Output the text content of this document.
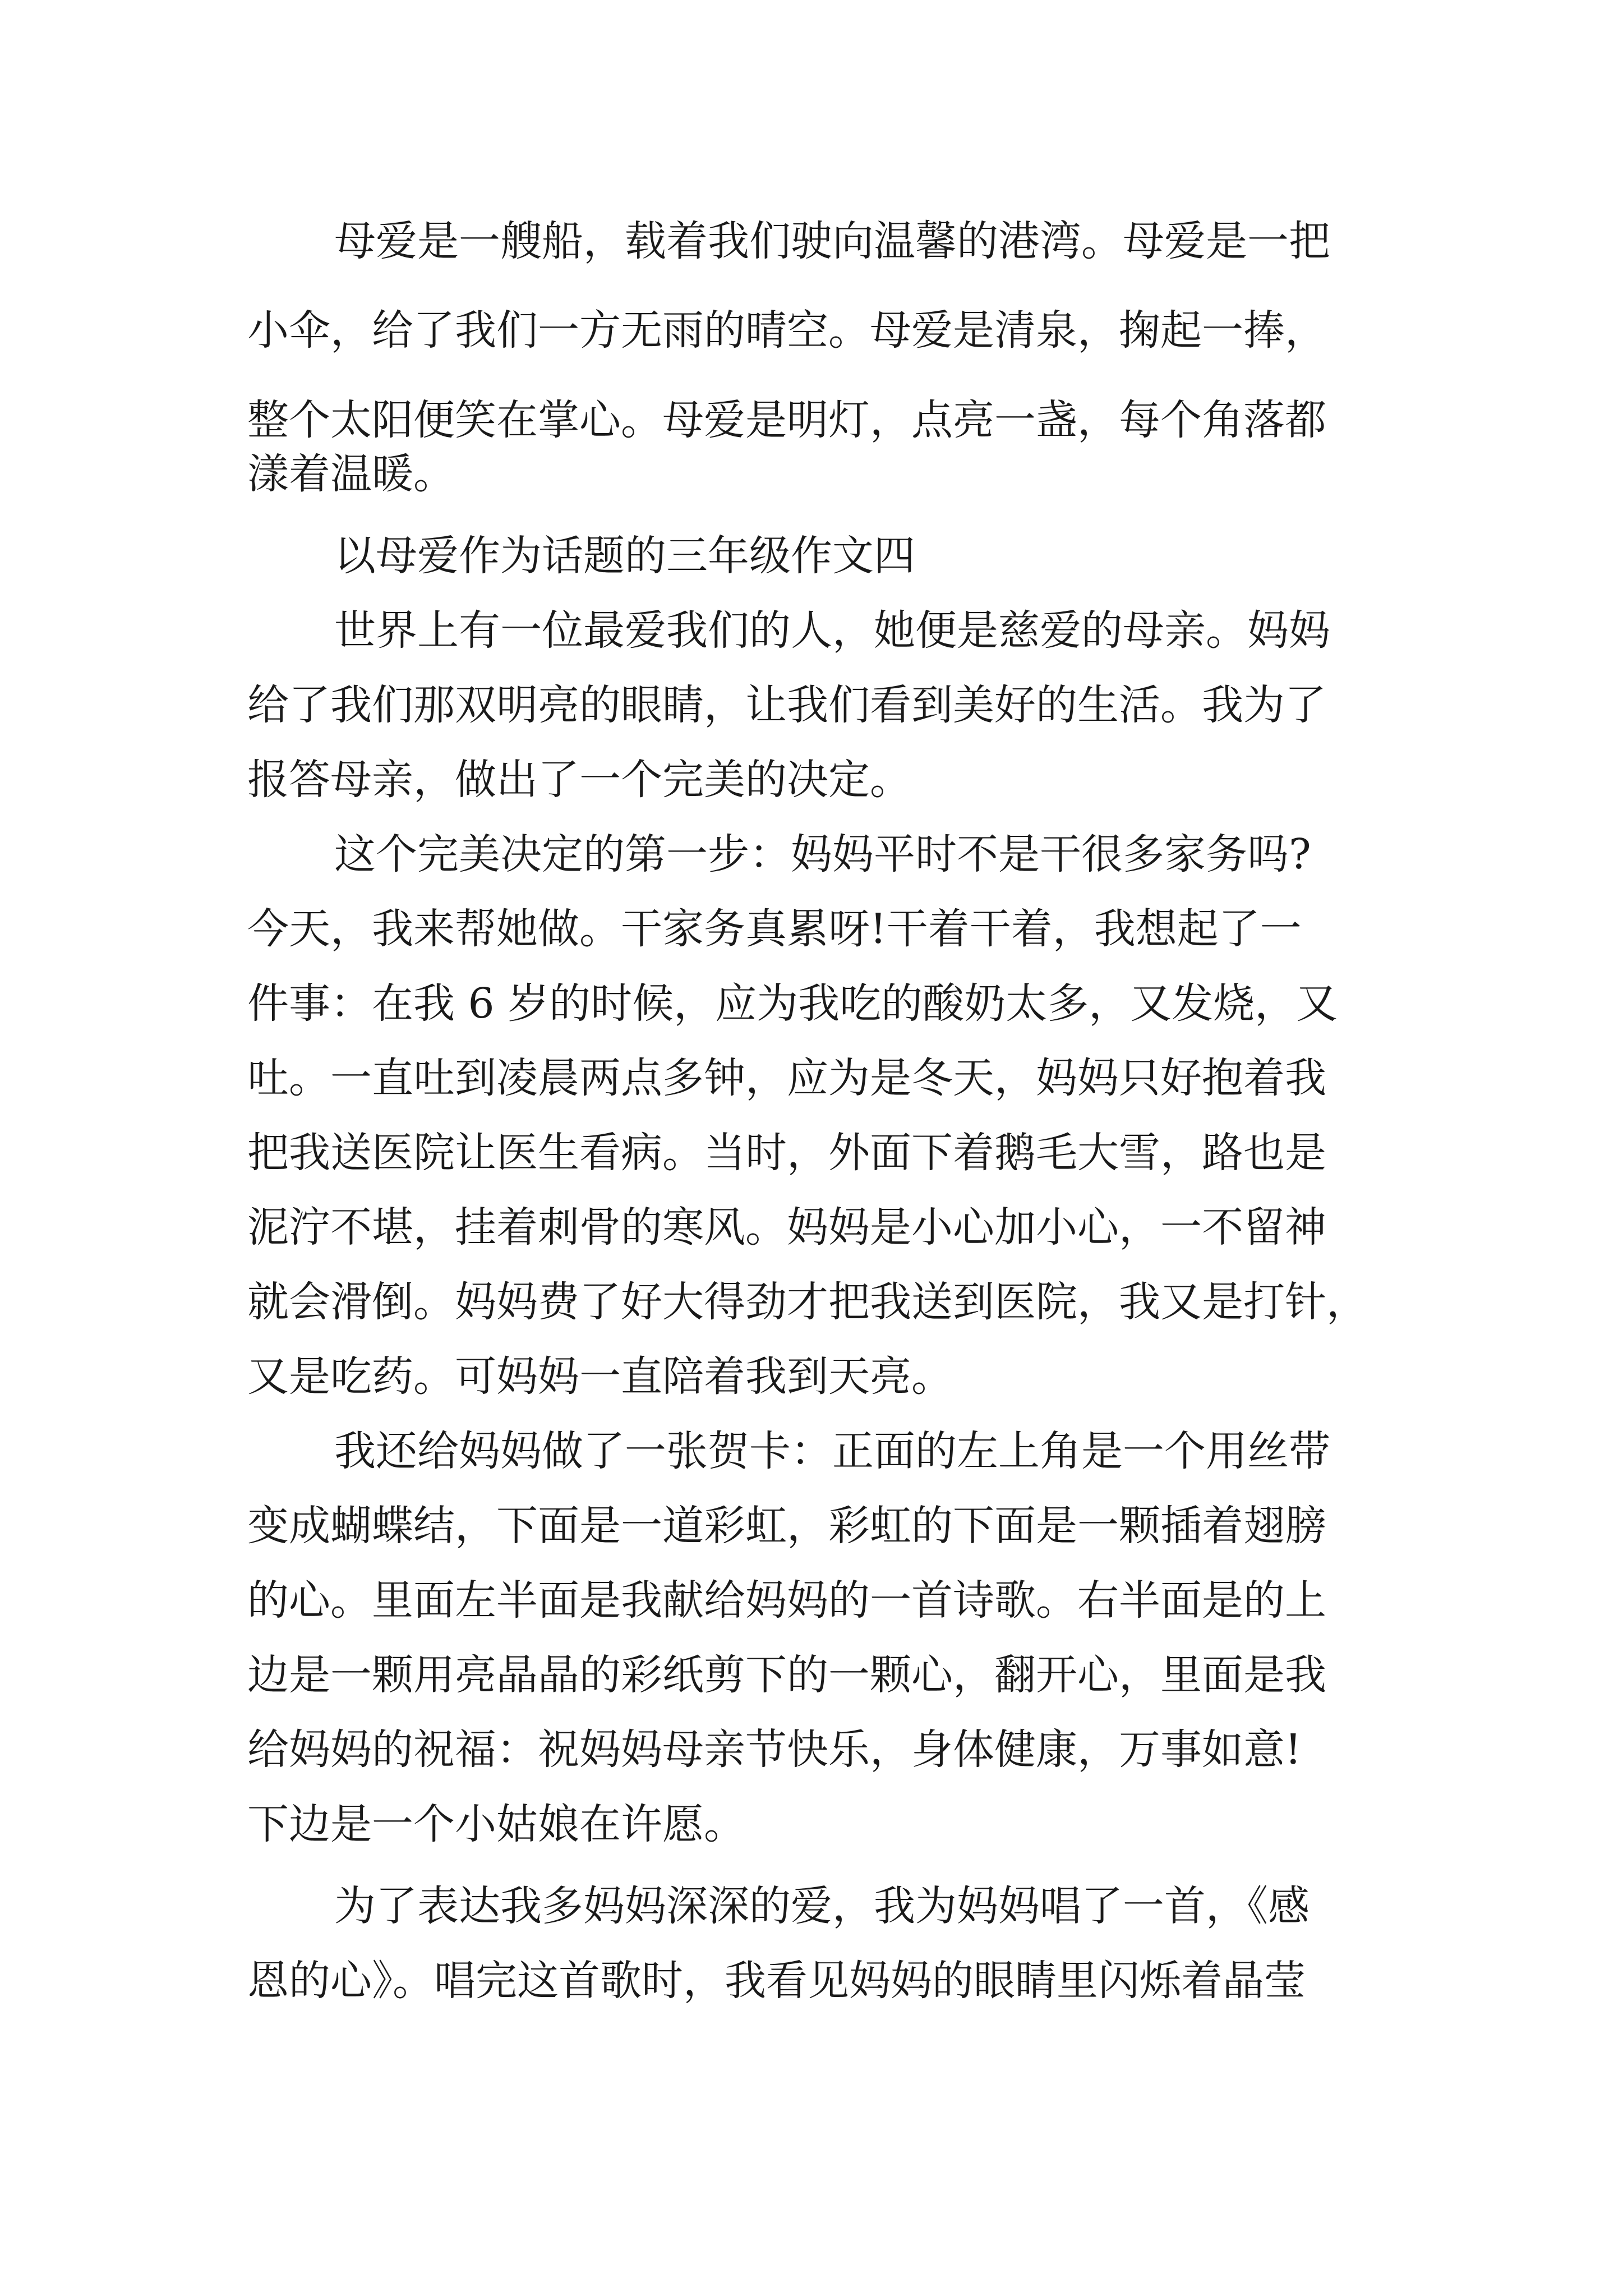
母爱是一艘船，载着我们驶向温馨的港湾。母爱是一把
小伞，给了我们一方无雨的晴空。母爱是清泉，掬起一捧，
整个太阳便笑在掌心。母爱是明灯，点亮一盏，每个角落都
漾着温暖。
以母爱作为话题的三年级作文四
世界上有一位最爱我们的人，她便是慈爱的母亲。妈妈
给了我们那双明亮的眼睛，让我们看到美好的生活。我为了
报答母亲，做出了一个完美的决定。
这个完美决定的第一步：妈妈平时不是干很多家务吗?
今天，我来帮她做。干家务真累呀!干着干着，我想起了一
件事：在我 6 岁的时候，应为我吃的酸奶太多，又发烧，又
吐。一直吐到凌晨两点多钟，应为是冬天，妈妈只好抱着我
把我送医院让医生看病。当时，外面下着鹅毛大雪，路也是
泥泞不堪，挂着刺骨的寒风。妈妈是小心加小心，一不留神
就会滑倒。妈妈费了好大得劲才把我送到医院，我又是打针，
又是吃药。可妈妈一直陪着我到天亮。
我还给妈妈做了一张贺卡：正面的左上角是一个用丝带
变成蝴蝶结，下面是一道彩虹，彩虹的下面是一颗插着翅膀
的心。里面左半面是我献给妈妈的一首诗歌。右半面是的上
边是一颗用亮晶晶的彩纸剪下的一颗心，翻开心，里面是我
给妈妈的祝福：祝妈妈母亲节快乐，身体健康，万事如意!
下边是一个小姑娘在许愿。
为了表达我多妈妈深深的爱，我为妈妈唱了一首，《感
恩的心》。唱完这首歌时，我看见妈妈的眼睛里闪烁着晶莹
